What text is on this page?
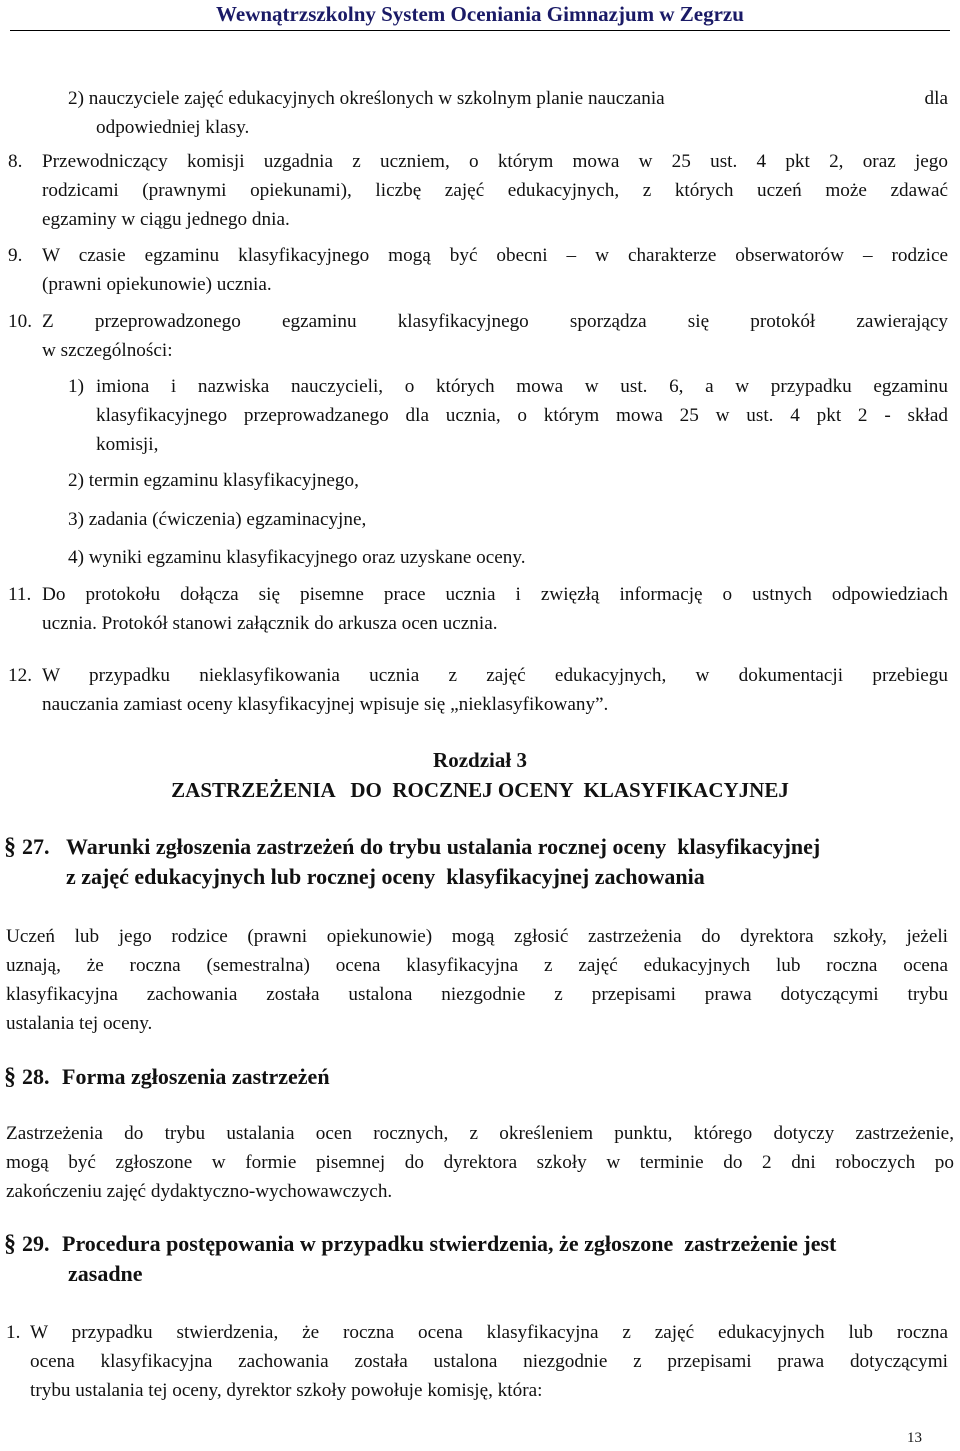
Wewnątrzszkolny System Oceniania Gimnazjum w Zegrzu
2) nauczyciele zajęć edukacyjnych określonych w szkolnym planie nauczania	dla
odpowiedniej klasy.
8. Przewodniczący komisji uzgadnia z uczniem, o którym mowa w 25 ust. 4 pkt 2, oraz jego
rodzicami (prawnymi opiekunami), liczbę zajęć edukacyjnych, z których uczeń może zdawać
egzaminy w ciągu jednego dnia.
9. W czasie egzaminu klasyfikacyjnego mogą być obecni – w charakterze obserwatorów – rodzice
(prawni opiekunowie) ucznia.
10. Z przeprowadzonego egzaminu klasyfikacyjnego sporządza się protokół zawierający
w szczególności:
1) imiona i nazwiska nauczycieli, o których mowa w ust. 6, a w przypadku egzaminu
klasyfikacyjnego przeprowadzanego dla ucznia, o którym mowa 25 w ust. 4 pkt 2 - skład
komisji,
2) termin egzaminu klasyfikacyjnego,
3) zadania (ćwiczenia) egzaminacyjne,
4) wyniki egzaminu klasyfikacyjnego oraz uzyskane oceny.
11. Do protokołu dołącza się pisemne prace ucznia i zwięzłą informację o ustnych odpowiedziach
ucznia. Protokół stanowi załącznik do arkusza ocen ucznia.
12. W przypadku nieklasyfikowania ucznia z zajęć edukacyjnych, w dokumentacji przebiegu
nauczania zamiast oceny klasyfikacyjnej wpisuje się „nieklasyfikowany”.
Rozdział 3
ZASTRZEŻENIA   DO  ROCZNEJ OCENY  KLASYFIKACYJNEJ
§ 27. Warunki zgłoszenia zastrzeżeń do trybu ustalania rocznej oceny  klasyfikacyjnej
z zajęć edukacyjnych lub rocznej oceny  klasyfikacyjnej zachowania
Uczeń lub jego rodzice (prawni opiekunowie) mogą zgłosić zastrzeżenia do dyrektora szkoły, jeżeli
uznają, że roczna (semestralna) ocena klasyfikacyjna z zajęć edukacyjnych lub roczna ocena
klasyfikacyjna zachowania została ustalona niezgodnie z przepisami prawa dotyczącymi trybu
ustalania tej oceny.
§ 28. Forma zgłoszenia zastrzeżeń
Zastrzeżenia do trybu ustalania ocen rocznych, z określeniem punktu, którego dotyczy zastrzeżenie,
mogą być zgłoszone w formie pisemnej do dyrektora szkoły w terminie do 2 dni roboczych po
zakończeniu zajęć dydaktyczno-wychowawczych.
§ 29. Procedura postępowania w przypadku stwierdzenia, że zgłoszone  zastrzeżenie jest
zasadne
1. W przypadku stwierdzenia, że roczna ocena klasyfikacyjna z zajęć edukacyjnych lub roczna
ocena klasyfikacyjna zachowania została ustalona niezgodnie z przepisami prawa dotyczącymi
trybu ustalania tej oceny, dyrektor szkoły powołuje komisję, która:
13
